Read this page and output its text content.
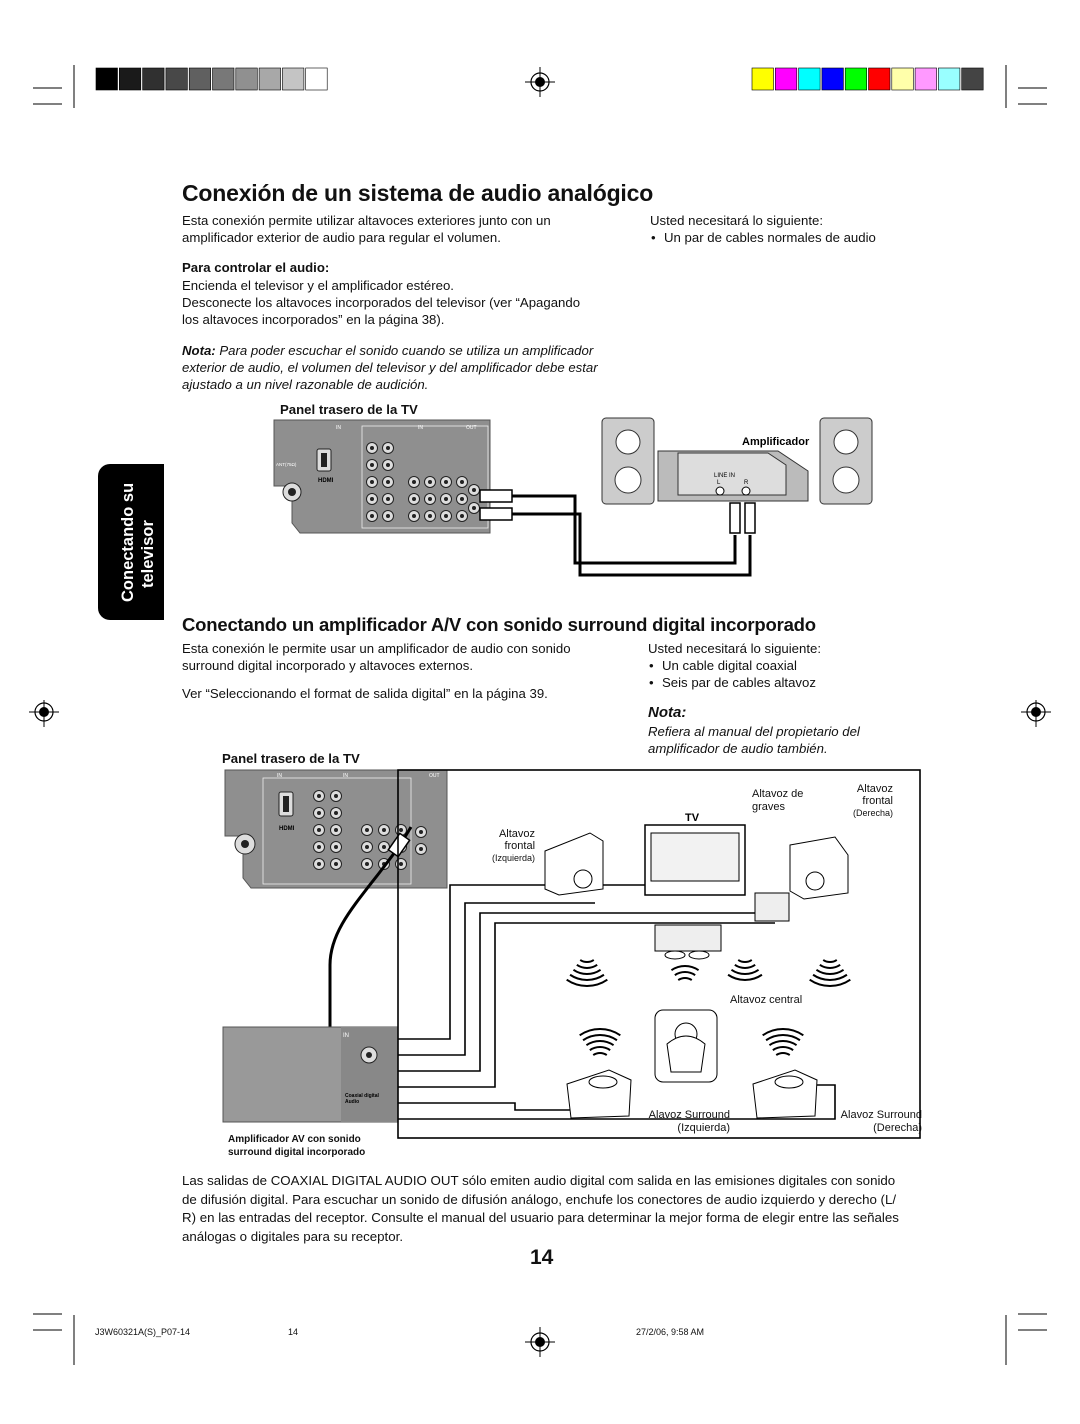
Conexión de un sistema de audio analógico
Esta conexión permite utilizar altavoces exteriores junto con un
amplificador exterior de audio para regular el volumen.
Usted necesitará lo siguiente:
• Un par de cables normales de audio
Para controlar el audio:
Encienda el televisor y el amplificador estéreo.
Desconecte los altavoces incorporados del televisor (ver “Apagando
los altavoces incorporados” en la página 38).
Nota: Para poder escuchar el sonido cuando se utiliza un amplificador
exterior de audio, el volumen del televisor y del amplificador debe estar
ajustado a un nivel razonable de audición.
Panel trasero de la TV
Conectando su televisor
IN	IN	OUT
HDMI
ANT(75Ω)
Amplificador
LINE IN
L	R
Conectando un amplificador A/V con sonido surround digital incorporado
Esta conexión le permite usar un amplificador de audio con sonido
surround digital incorporado y altavoces externos.
Ver “Seleccionando el format de salida digital” en la página 39.
Usted necesitará lo siguiente:
• Un cable digital coaxial
• Seis par de cables altavoz
Nota:
Refiera al manual del propietario del
amplificador de audio también.
Panel trasero de la TV
IN	IN	OUT
HDMI
IN
Coaxial digital
Audio
TV
Altavoz
frontal
(Izquierda)
Altavoz de
graves
Altavoz
frontal
(Derecha)
Altavoz central
Alavoz Surround
(Izquierda)
Alavoz Surround
(Derecha)
Amplificador AV con sonido
surround digital incorporado
Las salidas de COAXIAL DIGITAL AUDIO OUT sólo emiten audio digital com salida en las emisiones digitales con sonido
de difusión digital. Para escuchar un sonido de difusión análogo, enchufe los conectores de audio izquierdo y derecho (L/
R) en las entradas del receptor. Consulte el manual del usuario para determinar la mejor forma de elegir entre las señales
análogas o digitales para su receptor.
14
J3W60321A(S)_P07-14	14	27/2/06, 9:58 AM
